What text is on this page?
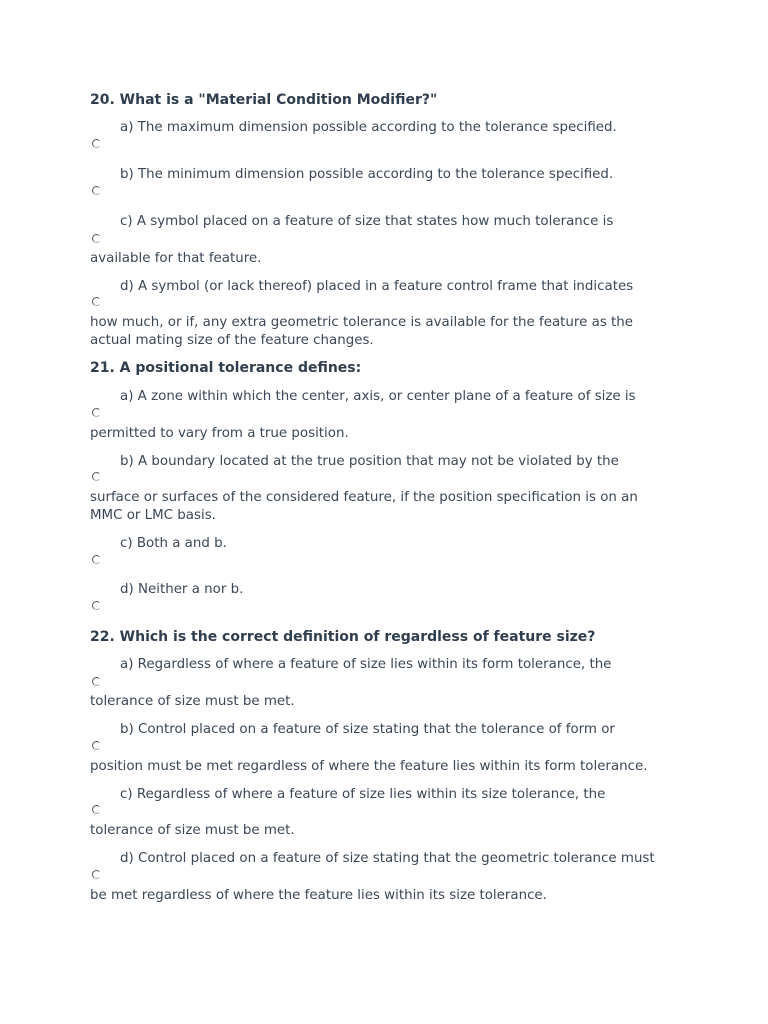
20. What is a "Material Condition Modifier?"
a) The maximum dimension possible according to the tolerance specified.
b) The minimum dimension possible according to the tolerance specified.
c) A symbol placed on a feature of size that states how much tolerance is
available for that feature.
d) A symbol (or lack thereof) placed in a feature control frame that indicates
how much, or if, any extra geometric tolerance is available for the feature as the
actual mating size of the feature changes.
21. A positional tolerance defines:
a) A zone within which the center, axis, or center plane of a feature of size is
permitted to vary from a true position.
b) A boundary located at the true position that may not be violated by the
surface or surfaces of the considered feature, if the position specification is on an
MMC or LMC basis.
c) Both a and b.
d) Neither a nor b.
22. Which is the correct definition of regardless of feature size?
a) Regardless of where a feature of size lies within its form tolerance, the
tolerance of size must be met.
b) Control placed on a feature of size stating that the tolerance of form or
position must be met regardless of where the feature lies within its form tolerance.
c) Regardless of where a feature of size lies within its size tolerance, the
tolerance of size must be met.
d) Control placed on a feature of size stating that the geometric tolerance must
be met regardless of where the feature lies within its size tolerance.
